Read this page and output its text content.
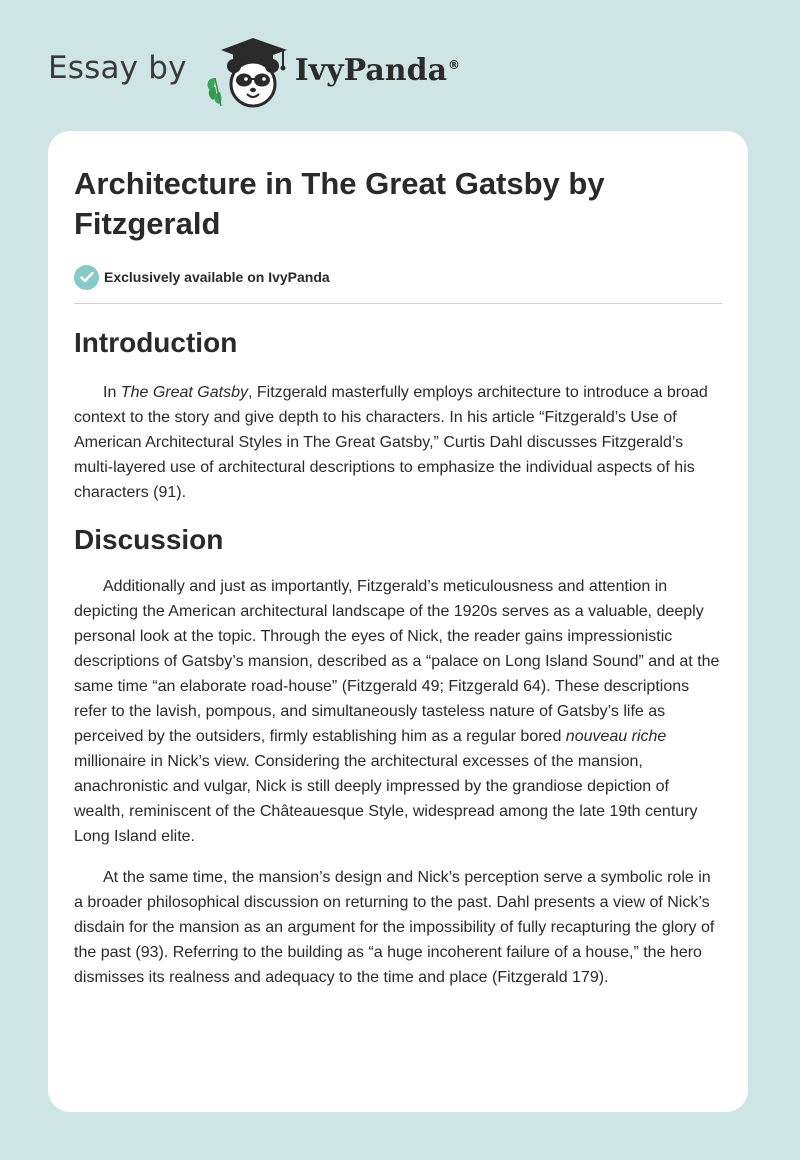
Essay by	IvyPanda®
Architecture in The Great Gatsby by Fitzgerald
Exclusively available on IvyPanda
Introduction

In The Great Gatsby, Fitzgerald masterfully employs architecture to introduce a broad context to the story and give depth to his characters. In his article “Fitzgerald’s Use of American Architectural Styles in The Great Gatsby,” Curtis Dahl discusses Fitzgerald’s multi-layered use of architectural descriptions to emphasize the individual aspects of his characters (91).

Discussion

Additionally and just as importantly, Fitzgerald’s meticulousness and attention in depicting the American architectural landscape of the 1920s serves as a valuable, deeply personal look at the topic. Through the eyes of Nick, the reader gains impressionistic descriptions of Gatsby’s mansion, described as a “palace on Long Island Sound” and at the same time “an elaborate road-house” (Fitzgerald 49; Fitzgerald 64). These descriptions refer to the lavish, pompous, and simultaneously tasteless nature of Gatsby’s life as perceived by the outsiders, firmly establishing him as a regular bored nouveau riche millionaire in Nick’s view. Considering the architectural excesses of the mansion, anachronistic and vulgar, Nick is still deeply impressed by the grandiose depiction of wealth, reminiscent of the Châteauesque Style, widespread among the late 19th century Long Island elite.

At the same time, the mansion’s design and Nick’s perception serve a symbolic role in a broader philosophical discussion on returning to the past. Dahl presents a view of Nick’s disdain for the mansion as an argument for the impossibility of fully recapturing the glory of the past (93). Referring to the building as “a huge incoherent failure of a house,” the hero dismisses its realness and adequacy to the time and place (Fitzgerald 179).
